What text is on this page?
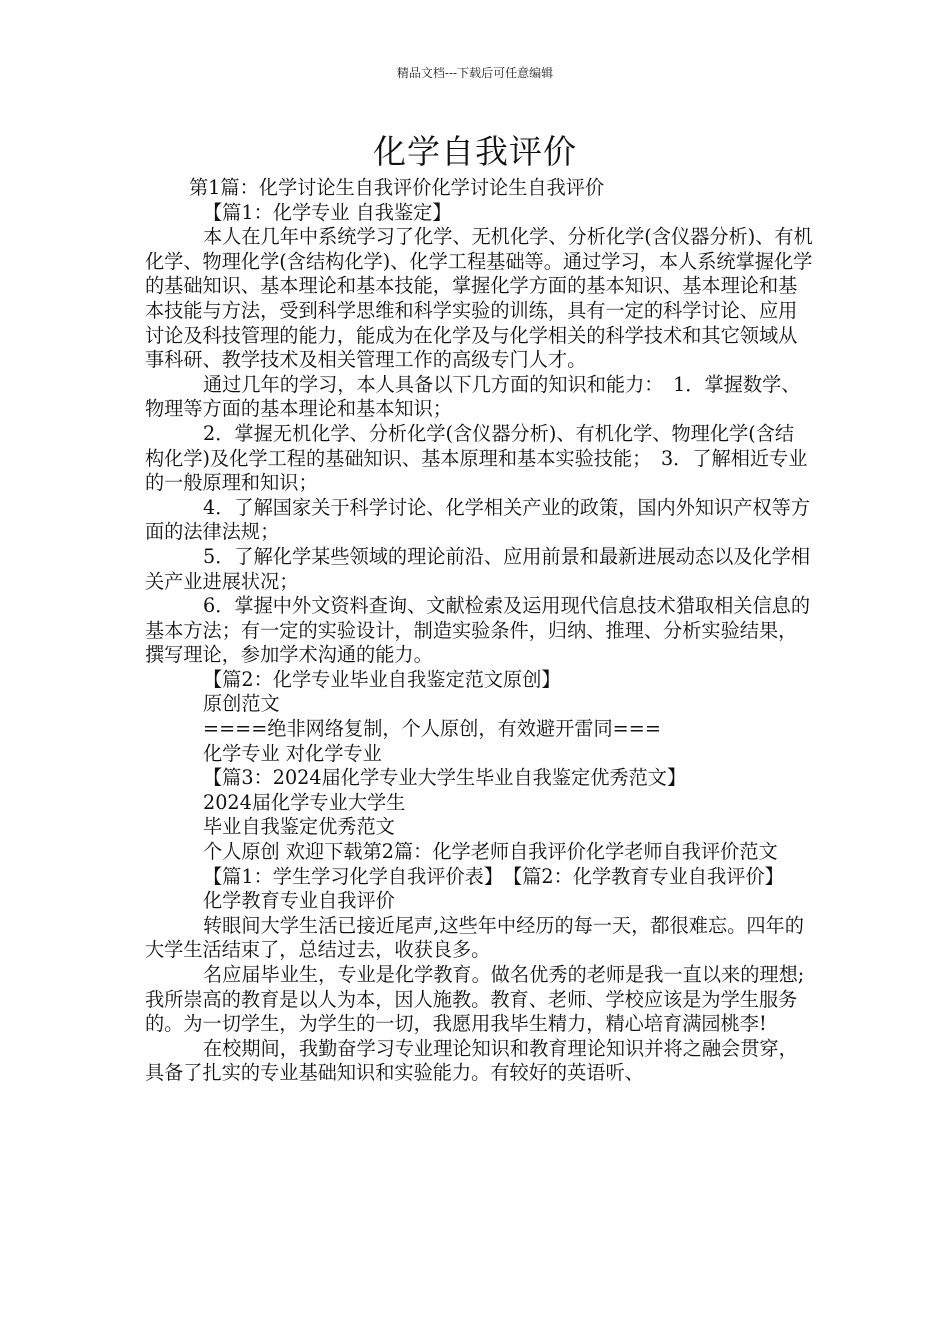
精品文档---下载后可任意编辑
化学自我评价

第1篇：化学讨论生自我评价化学讨论生自我评价

【篇1：化学专业 自我鉴定】

本人在几年中系统学习了化学、无机化学、分析化学(含仪器分析)、有机化学、物理化学(含结构化学)、化学工程基础等。通过学习，本人系统掌握化学的基础知识、基本理论和基本技能，掌握化学方面的基本知识、基本理论和基本技能与方法，受到科学思维和科学实验的训练，具有一定的科学讨论、应用讨论及科技管理的能力，能成为在化学及与化学相关的科学技术和其它领域从事科研、教学技术及相关管理工作的高级专门人才。

通过几年的学习，本人具备以下几方面的知识和能力：　1．掌握数学、物理等方面的基本理论和基本知识；

2．掌握无机化学、分析化学(含仪器分析)、有机化学、物理化学(含结构化学)及化学工程的基础知识、基本原理和基本实验技能；　3．了解相近专业的一般原理和知识；

4．了解国家关于科学讨论、化学相关产业的政策，国内外知识产权等方面的法律法规；

5．了解化学某些领域的理论前沿、应用前景和最新进展动态以及化学相关产业进展状况；

6．掌握中外文资料查询、文献检索及运用现代信息技术猎取相关信息的基本方法；有一定的实验设计，制造实验条件，归纳、推理、分析实验结果，撰写理论，参加学术沟通的能力。

【篇2：化学专业毕业自我鉴定范文原创】

原创范文

====绝非网络复制，个人原创，有效避开雷同===

化学专业 对化学专业

【篇3：2024届化学专业大学生毕业自我鉴定优秀范文】

2024届化学专业大学生

毕业自我鉴定优秀范文

个人原创 欢迎下载第2篇：化学老师自我评价化学老师自我评价范文

【篇1：学生学习化学自我评价表】　【篇2：化学教育专业自我评价】

化学教育专业自我评价

转眼间大学生活已接近尾声,这些年中经历的每一天，都很难忘。四年的大学生活结束了，总结过去，收获良多。

名应届毕业生，专业是化学教育。做名优秀的老师是我一直以来的理想;我所崇高的教育是以人为本，因人施教。教育、老师、学校应该是为学生服务的。为一切学生，为学生的一切，我愿用我毕生精力，精心培育满园桃李!

在校期间，我勤奋学习专业理论知识和教育理论知识并将之融会贯穿，具备了扎实的专业基础知识和实验能力。有较好的英语听、
